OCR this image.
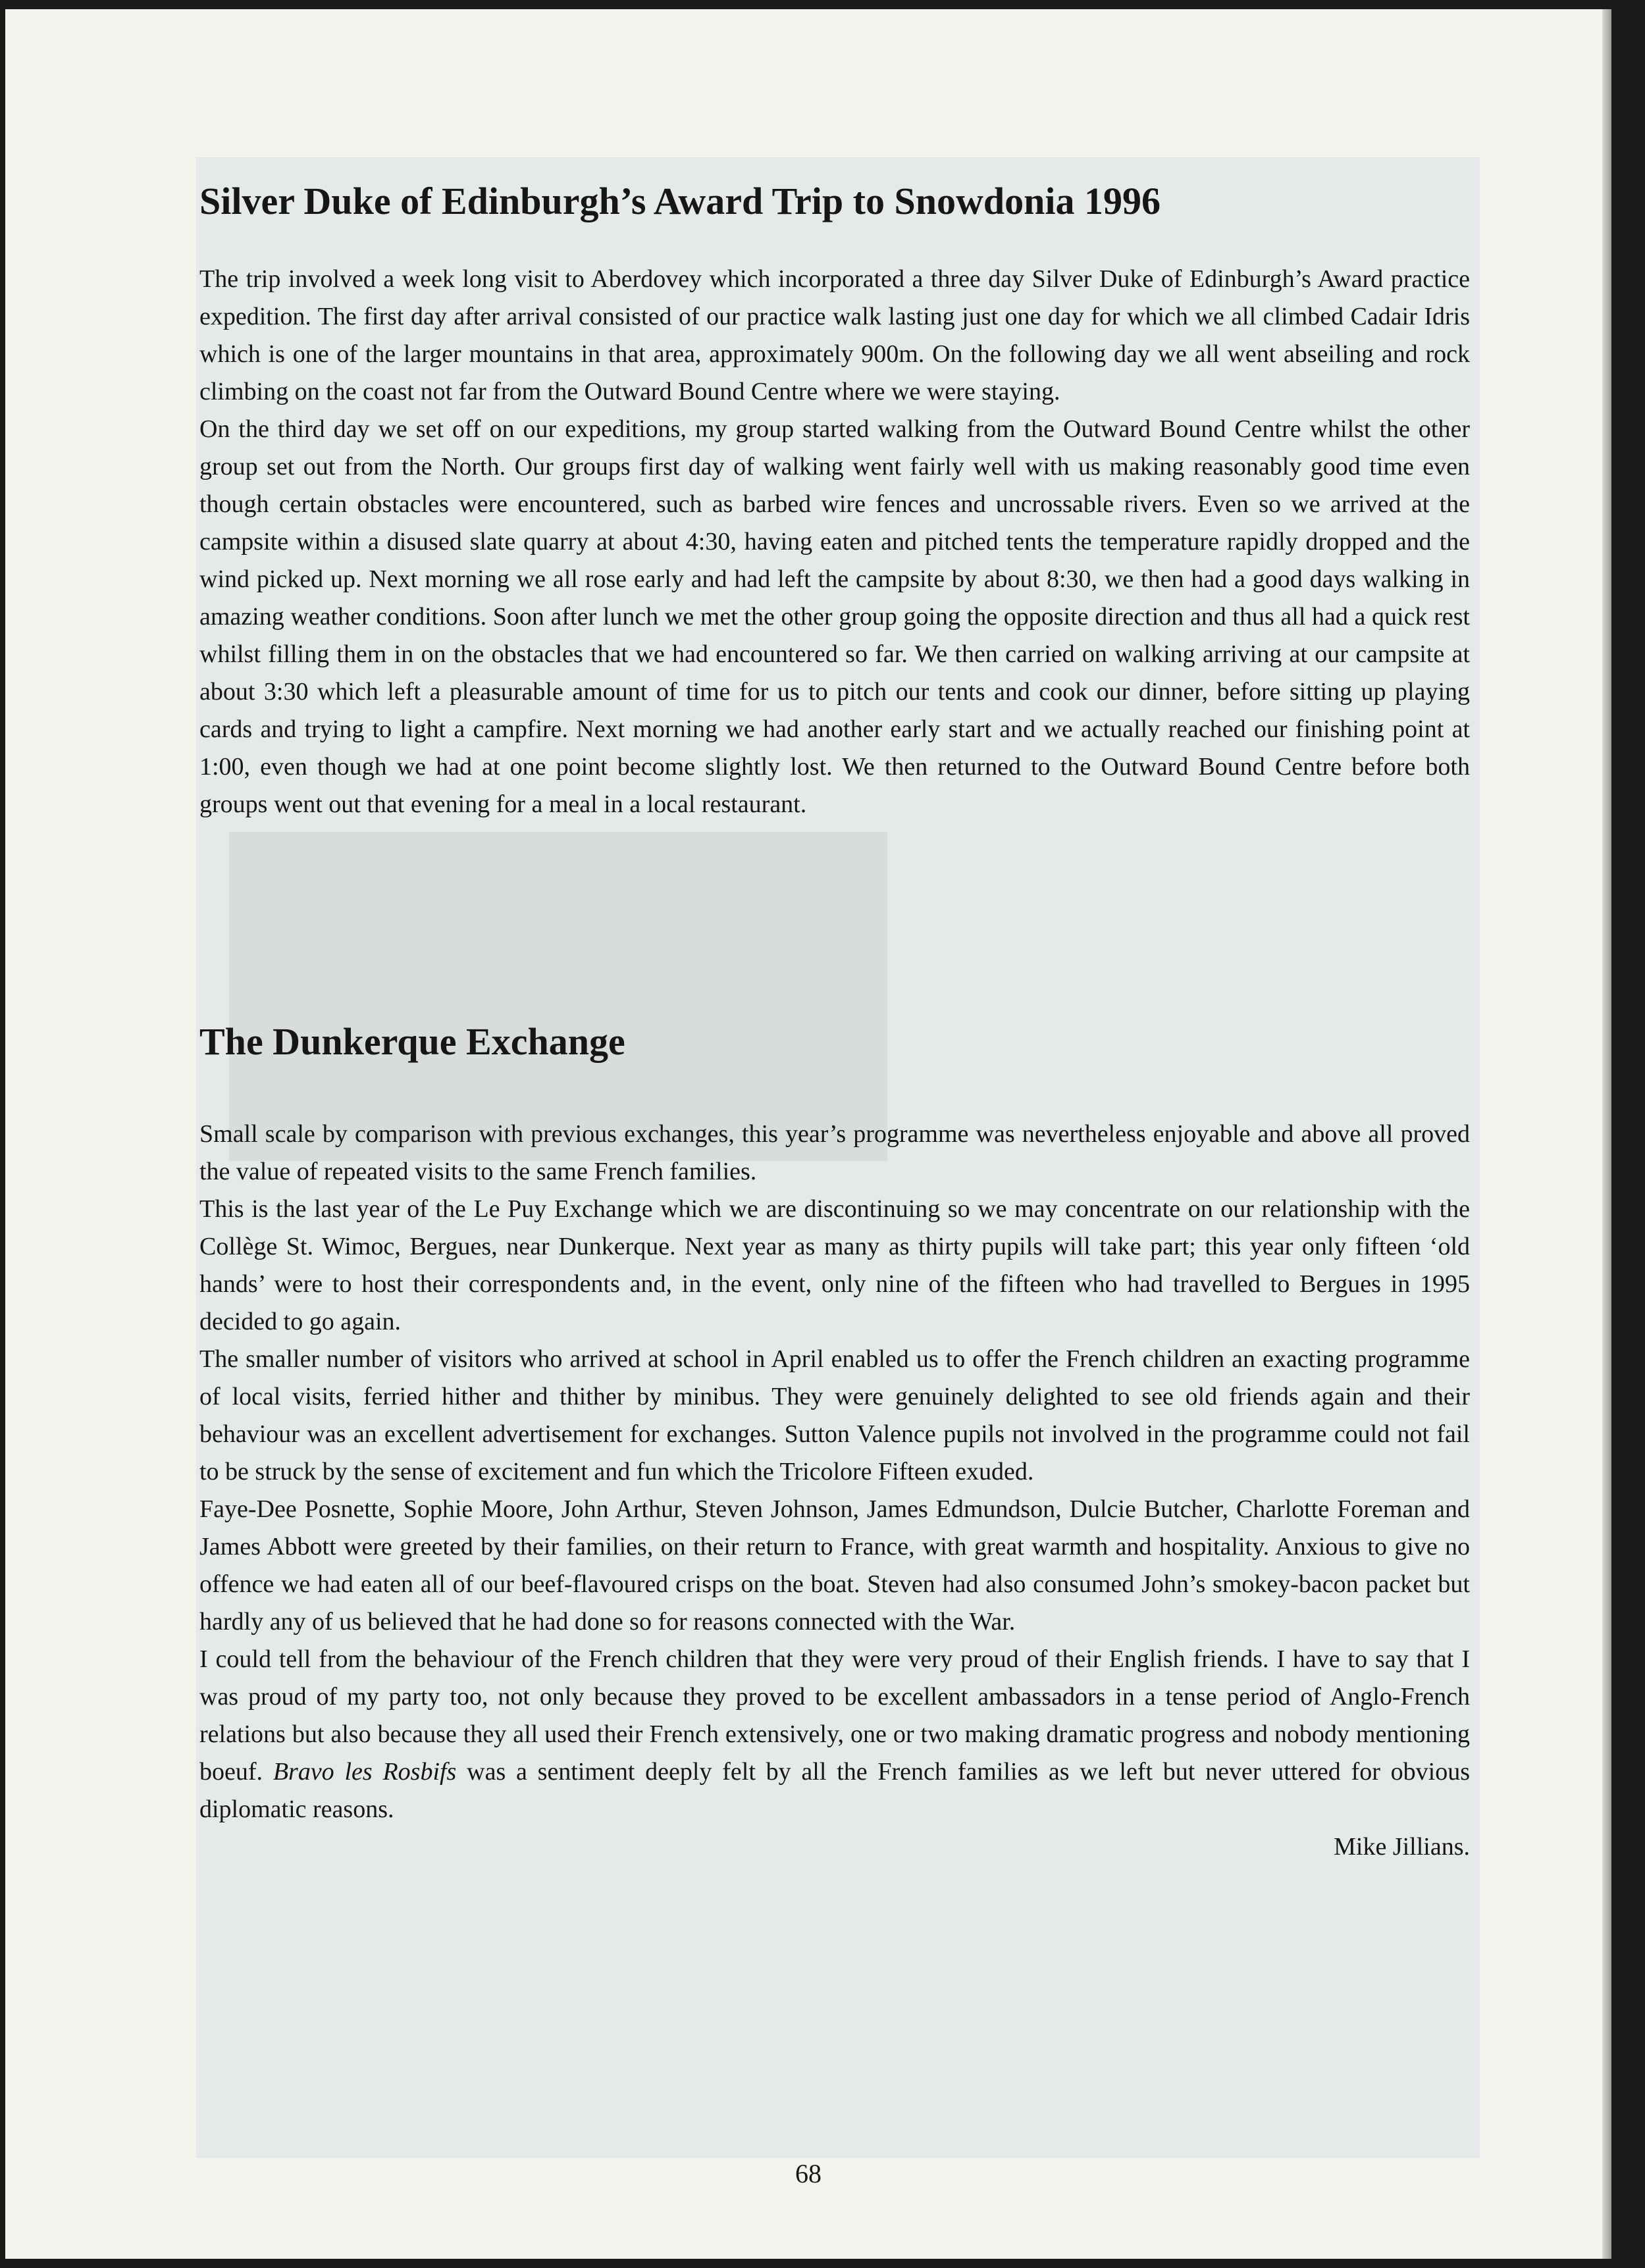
Silver Duke of Edinburgh’s Award Trip to Snowdonia 1996

The trip involved a week long visit to Aberdovey which incorporated a three day Silver Duke of Edinburgh’s Award practice expedition. The first day after arrival consisted of our practice walk lasting just one day for which we all climbed Cadair Idris which is one of the larger mountains in that area, approximately 900m. On the following day we all went abseiling and rock climbing on the coast not far from the Outward Bound Centre where we were staying.

On the third day we set off on our expeditions, my group started walking from the Outward Bound Centre whilst the other group set out from the North. Our groups first day of walking went fairly well with us making reasonably good time even though certain obstacles were encountered, such as barbed wire fences and uncrossable rivers. Even so we arrived at the campsite within a disused slate quarry at about 4:30, having eaten and pitched tents the temperature rapidly dropped and the wind picked up. Next morning we all rose early and had left the campsite by about 8:30, we then had a good days walking in amazing weather conditions. Soon after lunch we met the other group going the opposite direction and thus all had a quick rest whilst filling them in on the obstacles that we had encountered so far. We then carried on walking arriving at our campsite at about 3:30 which left a pleasurable amount of time for us to pitch our tents and cook our dinner, before sitting up playing cards and trying to light a campfire. Next morning we had another early start and we actually reached our finishing point at 1:00, even though we had at one point become slightly lost. We then returned to the Outward Bound Centre before both groups went out that evening for a meal in a local restaurant.

The Dunkerque Exchange

Small scale by comparison with previous exchanges, this year’s programme was nevertheless enjoyable and above all proved the value of repeated visits to the same French families.

This is the last year of the Le Puy Exchange which we are discontinuing so we may concentrate on our relationship with the Collège St. Wimoc, Bergues, near Dunkerque. Next year as many as thirty pupils will take part; this year only fifteen ‘old hands’ were to host their correspondents and, in the event, only nine of the fifteen who had travelled to Bergues in 1995 decided to go again.

The smaller number of visitors who arrived at school in April enabled us to offer the French children an exacting programme of local visits, ferried hither and thither by minibus. They were genuinely delighted to see old friends again and their behaviour was an excellent advertisement for exchanges. Sutton Valence pupils not involved in the programme could not fail to be struck by the sense of excitement and fun which the Tricolore Fifteen exuded.

Faye-Dee Posnette, Sophie Moore, John Arthur, Steven Johnson, James Edmundson, Dulcie Butcher, Charlotte Foreman and James Abbott were greeted by their families, on their return to France, with great warmth and hospitality. Anxious to give no offence we had eaten all of our beef-flavoured crisps on the boat. Steven had also consumed John’s smokey-bacon packet but hardly any of us believed that he had done so for reasons connected with the War.

I could tell from the behaviour of the French children that they were very proud of their English friends. I have to say that I was proud of my party too, not only because they proved to be excellent ambassadors in a tense period of Anglo-French relations but also because they all used their French extensively, one or two making dramatic progress and nobody mentioning boeuf. Bravo les Rosbifs was a sentiment deeply felt by all the French families as we left but never uttered for obvious diplomatic reasons.

Mike Jillians.

68
